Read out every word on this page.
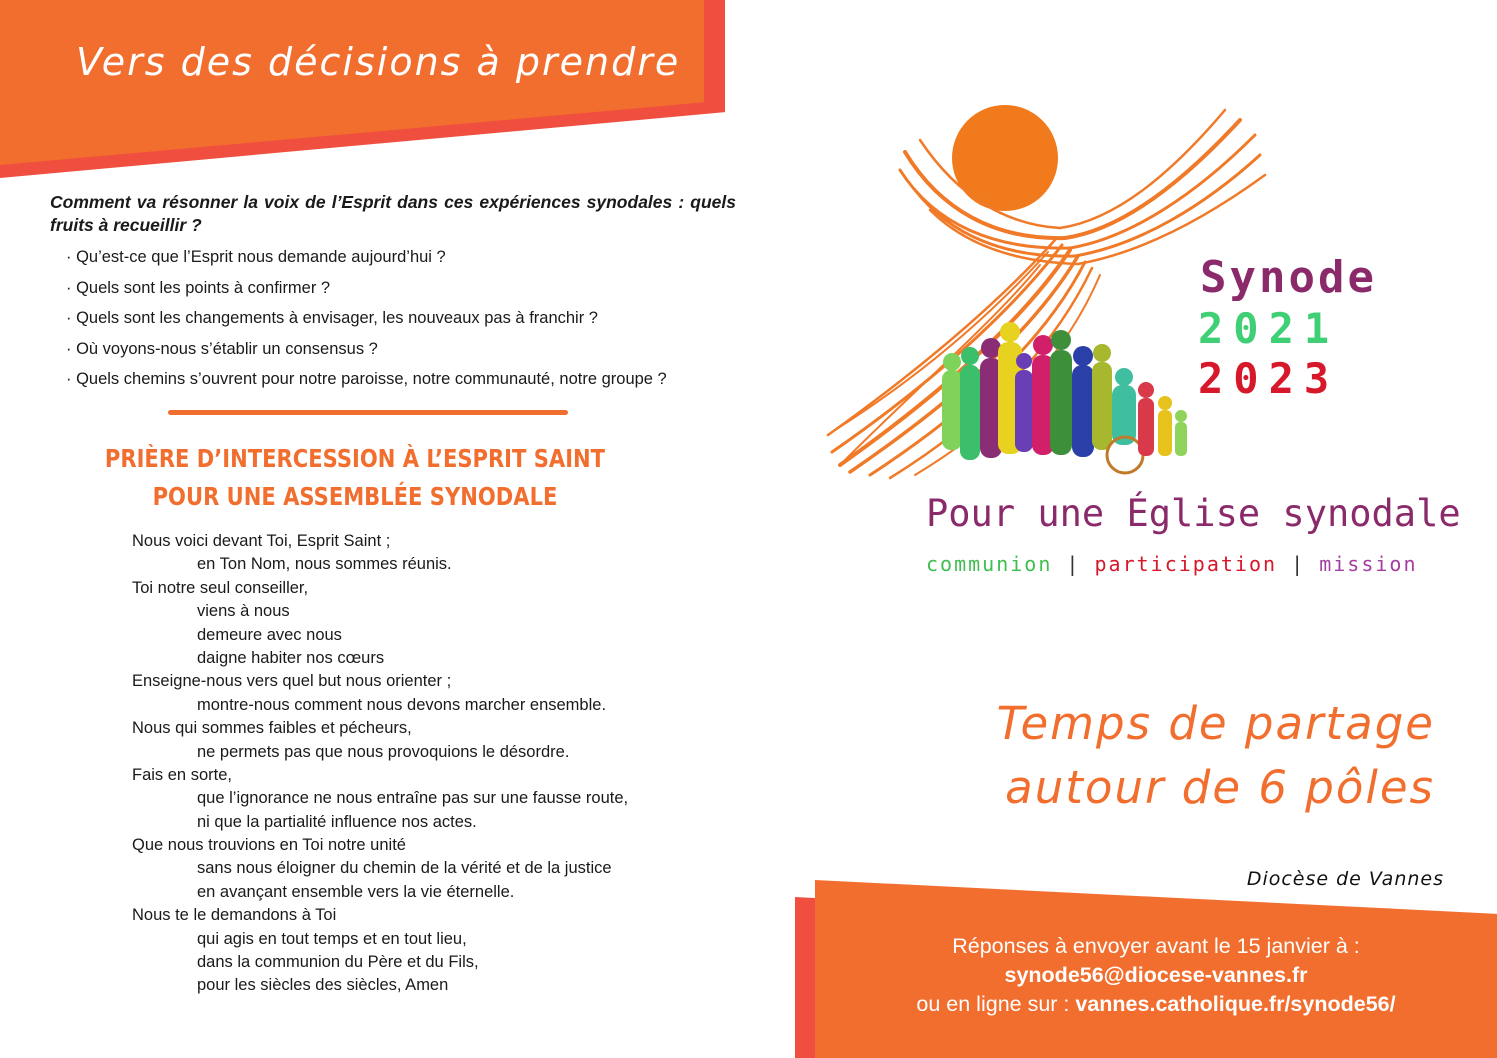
Vers des décisions à prendre
Comment va résonner la voix de l’Esprit dans ces expériences synodales : quels fruits à recueillir ?
· Qu’est-ce que l’Esprit nous demande aujourd’hui ?
· Quels sont les points à confirmer ?
· Quels sont les changements à envisager, les nouveaux pas à franchir ?
· Où voyons-nous s’établir un consensus ?
· Quels chemins s’ouvrent pour notre paroisse, notre communauté, notre groupe ?
PRIÈRE D’INTERCESSION À L’ESPRIT SAINT
POUR UNE ASSEMBLÉE SYNODALE
Nous voici devant Toi, Esprit Saint ;
en Ton Nom, nous sommes réunis.
Toi notre seul conseiller,
viens à nous
demeure avec nous
daigne habiter nos cœurs
Enseigne-nous vers quel but nous orienter ;
montre-nous comment nous devons marcher ensemble.
Nous qui sommes faibles et pécheurs,
ne permets pas que nous provoquions le désordre.
Fais en sorte,
que l’ignorance ne nous entraîne pas sur une fausse route,
ni que la partialité influence nos actes.
Que nous trouvions en Toi notre unité
sans nous éloigner du chemin de la vérité et de la justice
en avançant ensemble vers la vie éternelle.
Nous te le demandons à Toi
qui agis en tout temps et en tout lieu,
dans la communion du Père et du Fils,
pour les siècles des siècles, Amen
Synode
2021
2023
Pour une Église synodale
communion | participation | mission
Temps de partage
autour de 6 pôles
Diocèse de Vannes
Réponses à envoyer avant le 15 janvier à :
synode56@diocese-vannes.fr
ou en ligne sur : vannes.catholique.fr/synode56/
